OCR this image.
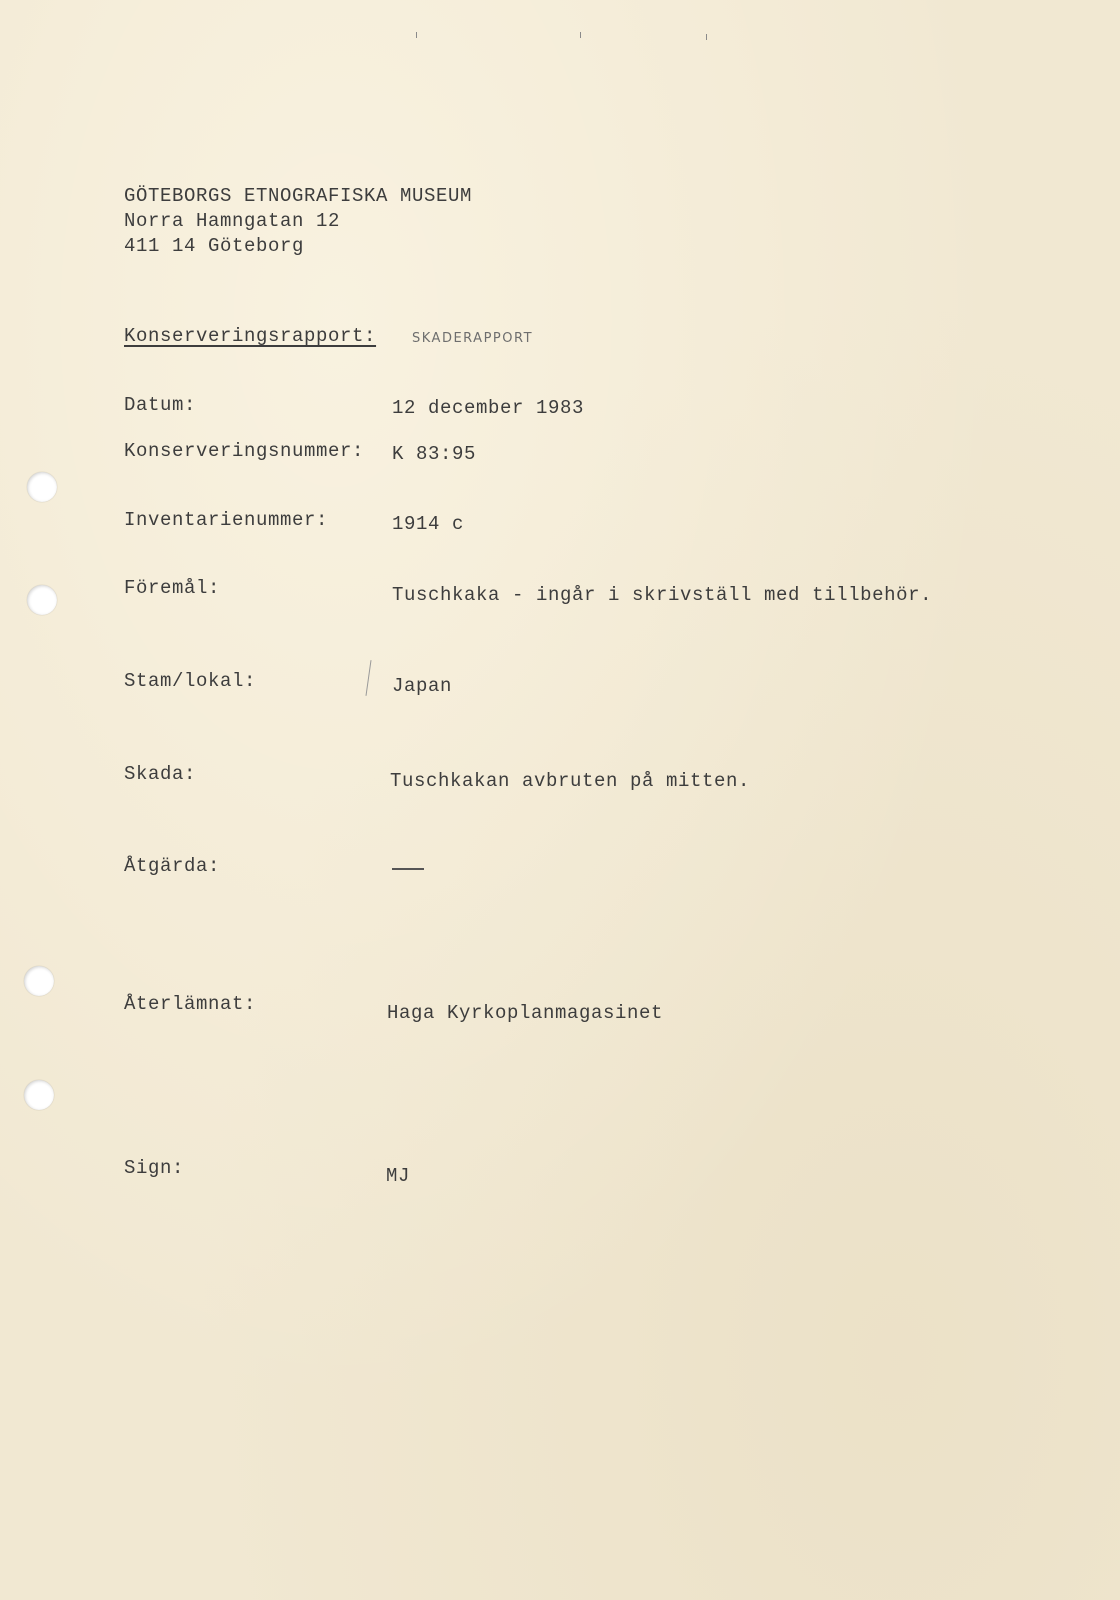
GÖTEBORGS ETNOGRAFISKA MUSEUM
Norra Hamngatan 12
411 14 Göteborg
Konserveringsrapport:	SKADERAPPORT
Datum:	12 december 1983
Konserveringsnummer: K 83:95
Inventarienummer:	1914 c
Föremål:	Tuschkaka - ingår i skrivställ med tillbehör.
Stam/lokal:	Japan
Skada:	Tuschkakan avbruten på mitten.
Åtgärda:
Återlämnat:	Haga Kyrkoplanmagasinet
Sign:	MJ
